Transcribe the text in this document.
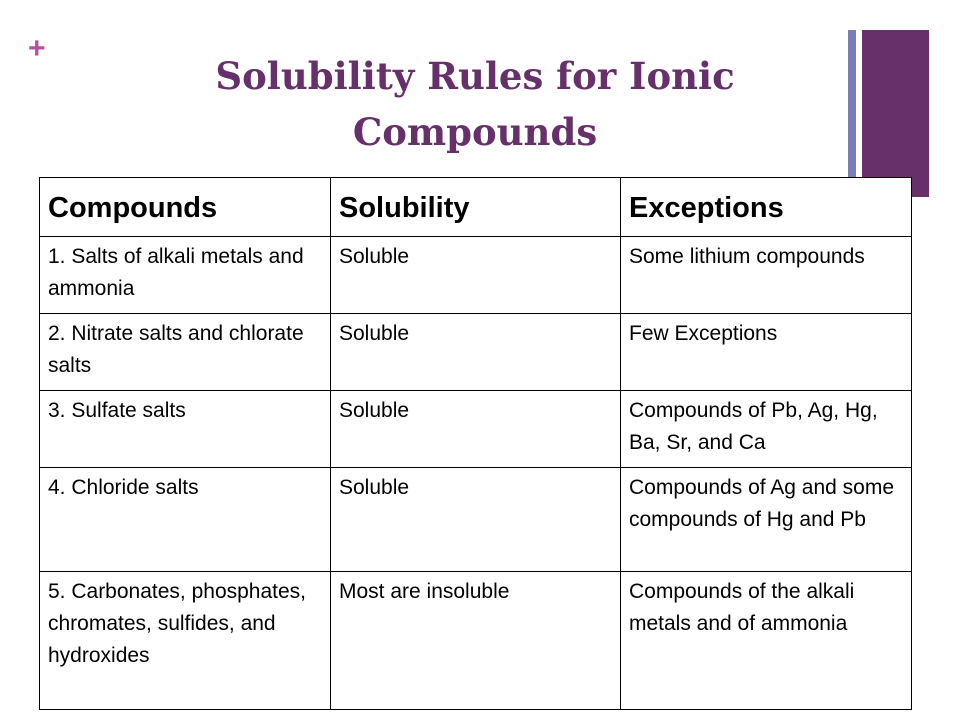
+
Solubility Rules for Ionic Compounds
Compounds	Solubility	Exceptions
1. Salts of alkali metals and ammonia	Soluble	Some lithium compounds
2. Nitrate salts and chlorate salts	Soluble	Few Exceptions
3. Sulfate salts	Soluble	Compounds of Pb, Ag, Hg, Ba, Sr, and Ca
4. Chloride salts	Soluble	Compounds of Ag and some compounds of Hg and Pb
5. Carbonates, phosphates, chromates, sulfides, and hydroxides	Most are insoluble	Compounds of the alkali metals and of ammonia
